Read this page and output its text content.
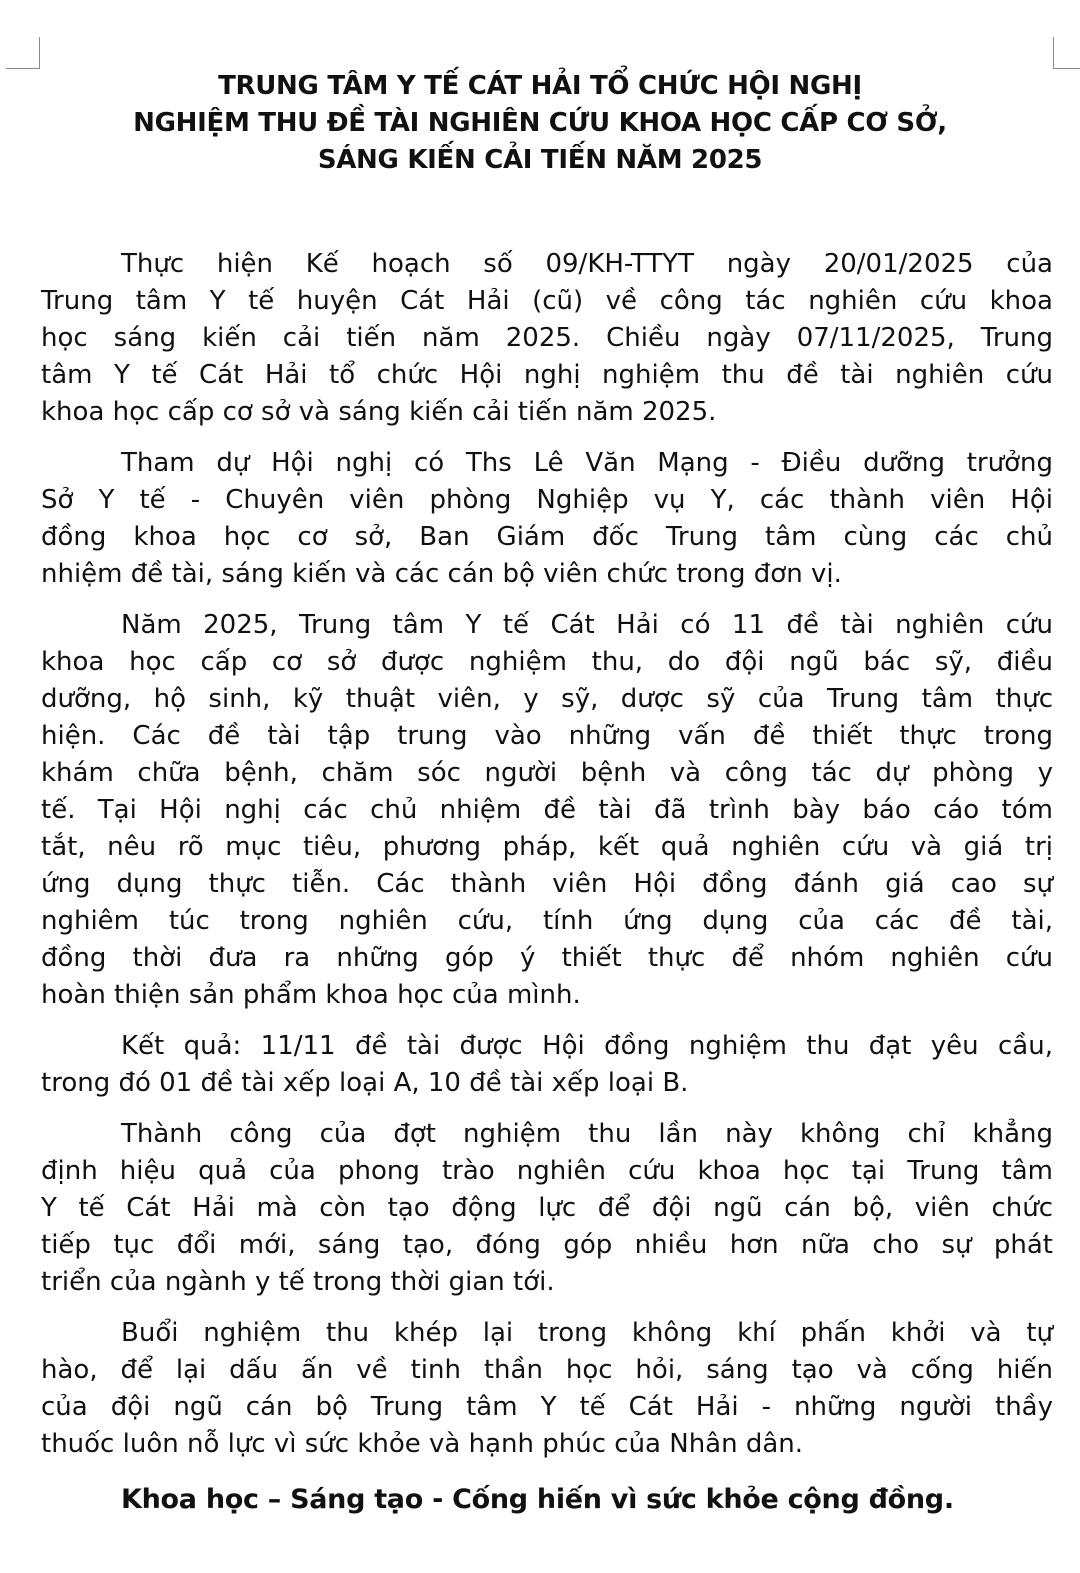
TRUNG TÂM Y TẾ CÁT HẢI TỔ CHỨC HỘI NGHỊ
NGHIỆM THU ĐỀ TÀI NGHIÊN CỨU KHOA HỌC CẤP CƠ SỞ,
SÁNG KIẾN CẢI TIẾN NĂM 2025
Thực hiện Kế hoạch số 09/KH-TTYT ngày 20/01/2025 của
Trung tâm Y tế huyện Cát Hải (cũ) về công tác nghiên cứu khoa
học sáng kiến cải tiến năm 2025. Chiều ngày 07/11/2025, Trung
tâm Y tế Cát Hải tổ chức Hội nghị nghiệm thu đề tài nghiên cứu
khoa học cấp cơ sở và sáng kiến cải tiến năm 2025.
Tham dự Hội nghị có Ths Lê Văn Mạng - Điều dưỡng trưởng
Sở Y tế - Chuyên viên phòng Nghiệp vụ Y, các thành viên Hội
đồng khoa học cơ sở, Ban Giám đốc Trung tâm cùng các chủ
nhiệm đề tài, sáng kiến và các cán bộ viên chức trong đơn vị.
Năm 2025, Trung tâm Y tế Cát Hải có 11 đề tài nghiên cứu
khoa học cấp cơ sở được nghiệm thu, do đội ngũ bác sỹ, điều
dưỡng, hộ sinh, kỹ thuật viên, y sỹ, dược sỹ của Trung tâm thực
hiện. Các đề tài tập trung vào những vấn đề thiết thực trong
khám chữa bệnh, chăm sóc người bệnh và công tác dự phòng y
tế. Tại Hội nghị các chủ nhiệm đề tài đã trình bày báo cáo tóm
tắt, nêu rõ mục tiêu, phương pháp, kết quả nghiên cứu và giá trị
ứng dụng thực tiễn. Các thành viên Hội đồng đánh giá cao sự
nghiêm túc trong nghiên cứu, tính ứng dụng của các đề tài,
đồng thời đưa ra những góp ý thiết thực để nhóm nghiên cứu
hoàn thiện sản phẩm khoa học của mình.
Kết quả: 11/11 đề tài được Hội đồng nghiệm thu đạt yêu cầu,
trong đó 01 đề tài xếp loại A, 10 đề tài xếp loại B.
Thành công của đợt nghiệm thu lần này không chỉ khẳng
định hiệu quả của phong trào nghiên cứu khoa học tại Trung tâm
Y tế Cát Hải mà còn tạo động lực để đội ngũ cán bộ, viên chức
tiếp tục đổi mới, sáng tạo, đóng góp nhiều hơn nữa cho sự phát
triển của ngành y tế trong thời gian tới.
Buổi nghiệm thu khép lại trong không khí phấn khởi và tự
hào, để lại dấu ấn về tinh thần học hỏi, sáng tạo và cống hiến
của đội ngũ cán bộ Trung tâm Y tế Cát Hải - những người thầy
thuốc luôn nỗ lực vì sức khỏe và hạnh phúc của Nhân dân.
Khoa học – Sáng tạo - Cống hiến vì sức khỏe cộng đồng.
